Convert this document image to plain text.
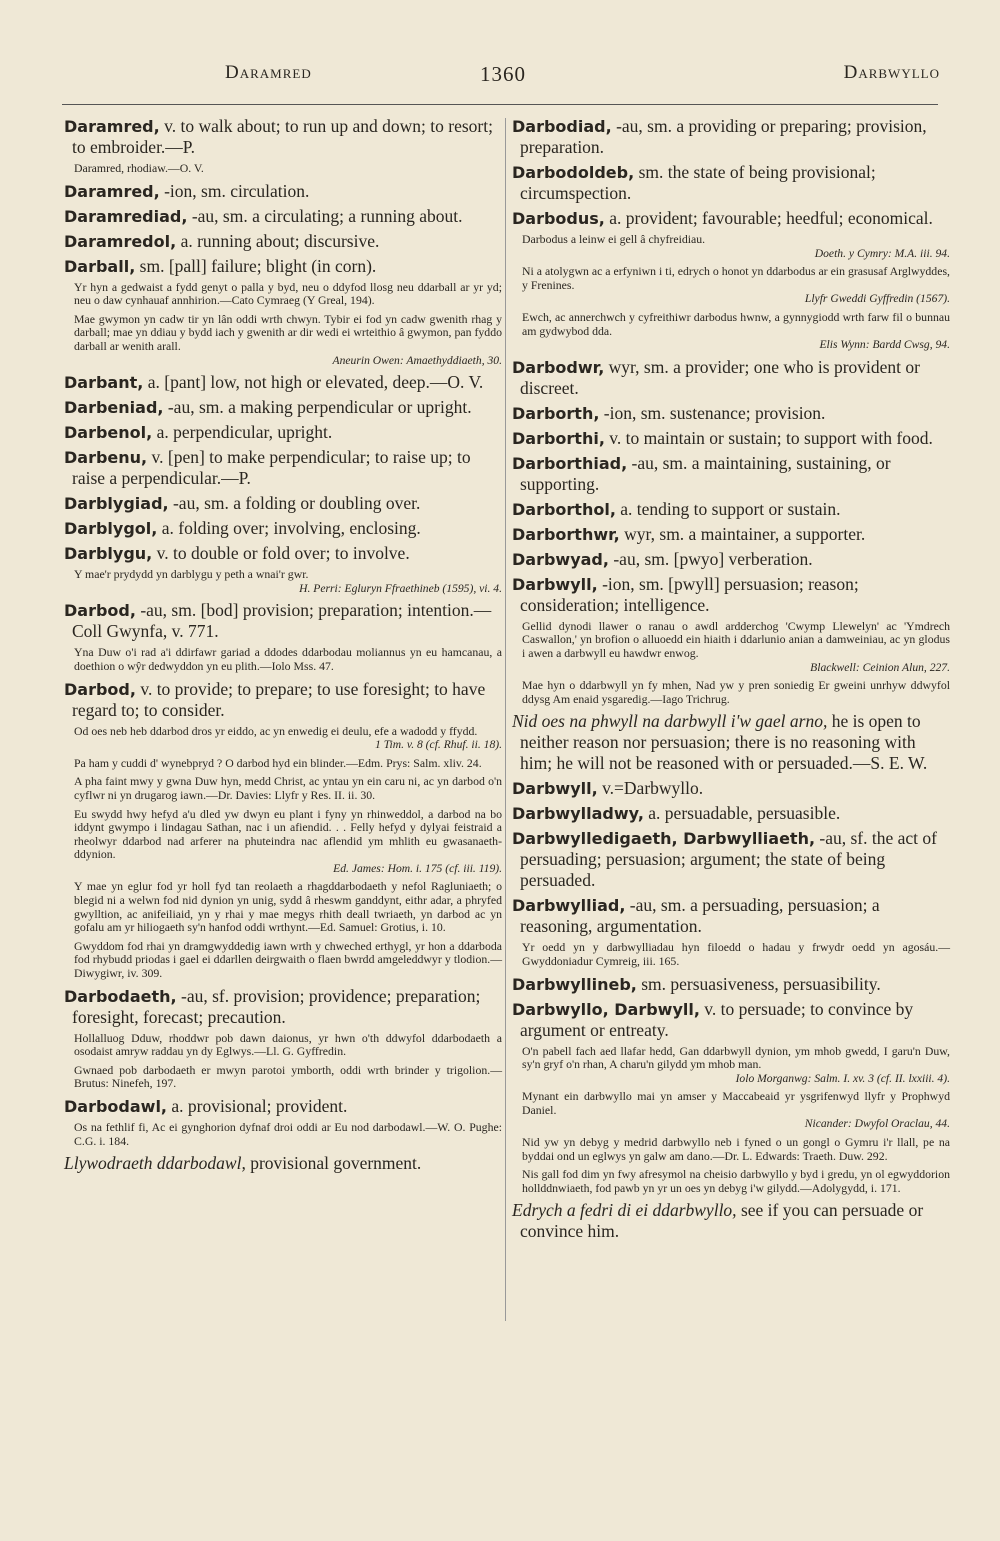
Daramred	1360	Darbwyllo
Daramred, v. to walk about; to run up and down; to resort; to embroider.—P.
Daramred, rhodiaw.—O. V.
Daramred, -ion, sm. circulation.
Daramrediad, -au, sm. a circulating; a running about.
Daramredol, a. running about; discursive.
Darball, sm. [pall] failure; blight (in corn).
Yr hyn a gedwaist a fydd genyt o palla y byd, neu o ddyfod llosg neu ddarball ar yr yd; neu o daw cynhauaf annhirion.—Cato Cymraeg (Y Greal, 194).
Mae gwymon yn cadw tir yn lân oddi wrth chwyn. Tybir ei fod yn cadw gwenith rhag y darball; mae yn ddiau y bydd iach y gwenith ar dir wedi ei wrteithio â gwymon, pan fyddo darball ar wenith arall.
Aneurin Owen: Amaethyddiaeth, 30.
Darbant, a. [pant] low, not high or elevated, deep.—O. V.
Darbeniad, -au, sm. a making perpendicular or upright.
Darbenol, a. perpendicular, upright.
Darbenu, v. [pen] to make perpendicular; to raise up; to raise a perpendicular.—P.
Darblygiad, -au, sm. a folding or doubling over.
Darblygol, a. folding over; involving, enclosing.
Darblygu, v. to double or fold over; to involve.
Y mae'r prydydd yn darblygu y peth a wnai'r gwr.
H. Perri: Egluryn Ffraethineb (1595), vi. 4.
Darbod, -au, sm. [bod] provision; preparation; intention.—Coll Gwynfa, v. 771.
Yna Duw o'i rad a'i ddirfawr gariad a ddodes ddarbodau moliannus yn eu hamcanau, a doethion o wŷr dedwyddon yn eu plith.—Iolo Mss. 47.
Darbod, v. to provide; to prepare; to use foresight; to have regard to; to consider.
Od oes neb heb ddarbod dros yr eiddo, ac yn enwedig ei deulu, efe a wadodd y ffydd.
1 Tim. v. 8 (cf. Rhuf. ii. 18).
Pa ham y cuddi d' wynebpryd ? O darbod hyd ein blinder.—Edm. Prys: Salm. xliv. 24.
A pha faint mwy y gwna Duw hyn, medd Christ, ac yntau yn ein caru ni, ac yn darbod o'n cyflwr ni yn drugarog iawn.—Dr. Davies: Llyfr y Res. II. ii. 30.
Eu swydd hwy hefyd a'u dled yw dwyn eu plant i fyny yn rhinweddol, a darbod na bo iddynt gwympo i lindagau Sathan, nac i un afiendid. . . Felly hefyd y dylyai feistraid a rheolwyr ddarbod nad arferer na phuteindra nac aflendid ym mhlith eu gwasanaeth-ddynion.
Ed. James: Hom. i. 175 (cf. iii. 119).
Y mae yn eglur fod yr holl fyd tan reolaeth a rhagddarbodaeth y nefol Ragluniaeth; o blegid ni a welwn fod nid dynion yn unig, sydd â rheswm ganddynt, eithr adar, a phryfed gwylltion, ac anifeiliaid, yn y rhai y mae megys rhith deall twriaeth, yn darbod ac yn gofalu am yr hiliogaeth sy'n hanfod oddi wrthynt.—Ed. Samuel: Grotius, i. 10.
Gwyddom fod rhai yn dramgwyddedig iawn wrth y chweched erthygl, yr hon a ddarboda fod rhybudd priodas i gael ei ddarllen deirgwaith o flaen bwrdd amgeleddwyr y tlodion.—Diwygiwr, iv. 309.
Darbodaeth, -au, sf. provision; providence; preparation; foresight, forecast; precaution.
Hollalluog Dduw, rhoddwr pob dawn daionus, yr hwn o'th ddwyfol ddarbodaeth a osodaist amryw raddau yn dy Eglwys.—Ll. G. Gyffredin.
Gwnaed pob darbodaeth er mwyn parotoi ymborth, oddi wrth brinder y trigolion.—Brutus: Ninefeh, 197.
Darbodawl, a. provisional; provident.
Os na fethlif fi, Ac ei gynghorion dyfnaf droi oddi ar Eu nod darbodawl.—W. O. Pughe: C.G. i. 184.
Llywodraeth ddarbodawl, provisional government.
Darbodiad, -au, sm. a providing or preparing; provision, preparation.
Darbodoldeb, sm. the state of being provisional; circumspection.
Darbodus, a. provident; favourable; heedful; economical.
Darbodus a leinw ei gell â chyfreidiau.
Doeth. y Cymry: M.A. iii. 94.
Ni a atolygwn ac a erfyniwn i ti, edrych o honot yn ddarbodus ar ein grasusaf Arglwyddes, y Frenines.
Llyfr Gweddi Gyffredin (1567).
Ewch, ac annerchwch y cyfreithiwr darbodus hwnw, a gynnygiodd wrth farw fil o bunnau am gydwybod dda.
Elis Wynn: Bardd Cwsg, 94.
Darbodwr, wyr, sm. a provider; one who is provident or discreet.
Darborth, -ion, sm. sustenance; provision.
Darborthi, v. to maintain or sustain; to support with food.
Darborthiad, -au, sm. a maintaining, sustaining, or supporting.
Darborthol, a. tending to support or sustain.
Darborthwr, wyr, sm. a maintainer, a supporter.
Darbwyad, -au, sm. [pwyo] verberation.
Darbwyll, -ion, sm. [pwyll] persuasion; reason; consideration; intelligence.
Gellid dynodi llawer o ranau o awdl ardderchog 'Cwymp Llewelyn' ac 'Ymdrech Caswallon,' yn brofion o alluoedd ein hiaith i ddarlunio anian a damweiniau, ac yn glodus i awen a darbwyll eu hawdwr enwog.
Blackwell: Ceinion Alun, 227.
Mae hyn o ddarbwyll yn fy mhen, Nad yw y pren soniedig Er gweini unrhyw ddwyfol ddysg Am enaid ysgaredig.—Iago Trichrug.
Nid oes na phwyll na darbwyll i'w gael arno, he is open to neither reason nor persuasion; there is no reasoning with him; he will not be reasoned with or persuaded.—S. E. W.
Darbwyll, v.=Darbwyllo.
Darbwylladwy, a. persuadable, persuasible.
Darbwylledigaeth, Darbwylliaeth, -au, sf. the act of persuading; persuasion; argument; the state of being persuaded.
Darbwylliad, -au, sm. a persuading, persuasion; a reasoning, argumentation.
Yr oedd yn y darbwylliadau hyn filoedd o hadau y frwydr oedd yn agosáu.—Gwyddoniadur Cymreig, iii. 165.
Darbwyllineb, sm. persuasiveness, persuasibility.
Darbwyllo, Darbwyll, v. to persuade; to convince by argument or entreaty.
O'n pabell fach aed llafar hedd, Gan ddarbwyll dynion, ym mhob gwedd, I garu'n Duw, sy'n gryf o'n rhan, A charu'n gilydd ym mhob man.
Iolo Morganwg: Salm. I. xv. 3 (cf. II. lxxiii. 4).
Mynant ein darbwyllo mai yn amser y Maccabeaid yr ysgrifenwyd llyfr y Prophwyd Daniel.
Nicander: Dwyfol Oraclau, 44.
Nid yw yn debyg y medrid darbwyllo neb i fyned o un gongl o Gymru i'r llall, pe na byddai ond un eglwys yn galw am dano.—Dr. L. Edwards: Traeth. Duw. 292.
Nis gall fod dim yn fwy afresymol na cheisio darbwyllo y byd i gredu, yn ol egwyddorion hollddnwiaeth, fod pawb yn yr un oes yn debyg i'w gilydd.—Adolygydd, i. 171.
Edrych a fedri di ei ddarbwyllo, see if you can persuade or convince him.
